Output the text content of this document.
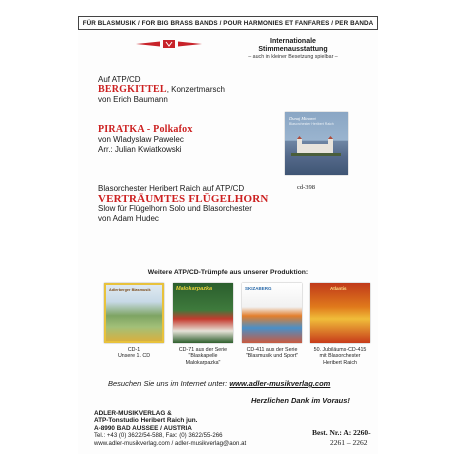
FÜR BLASMUSIK / FOR BIG BRASS BANDS / POUR HARMONIES ET FANFARES / PER BANDA
Internationale
Stimmenausstattung
– auch in kleiner Besetzung spielbar –
Auf ATP/CD
BERGKITTEL, Konzertmarsch
von Erich Baumann
PIRATKA - Polkafox
von Wladyslaw Pawelec
Arr.: Julian Kwiatkowski
Blasorchester Heribert Raich auf ATP/CD
VERTRÄUMTES FLÜGELHORN
Slow für Flügelhorn Solo und Blasorchester
von Adam Hudec
Dunaj Minaret
Blasorchester Heribert Raich
cd-398
Weitere ATP/CD-Trümpfe aus unserer Produktion:
Adlerberger Blasmusik	Malokarpazka	SKIZABERG	Atlantis
CD-1
Unsere 1. CD
CD-71 aus der Serie
"Blaskapelle
Malokarpazka"
CD-411 aus der Serie
"Blasmusik und Sport"
50. Jubiläums-CD-415
mit Blasorchester
Heribert Raich
Besuchen Sie uns im Internet unter: www.adler-musikverlag.com
Herzlichen Dank im Voraus!
ADLER-MUSIKVERLAG &
ATP-Tonstudio Heribert Raich jun.
A-8990 BAD AUSSEE / AUSTRIA
Tel.: +43 (0) 3622/54-588, Fax: (0) 3622/55-266
www.adler-musikverlag.com / adler-musikverlag@aon.at
Best. Nr.: A: 2260-
2261 – 2262
